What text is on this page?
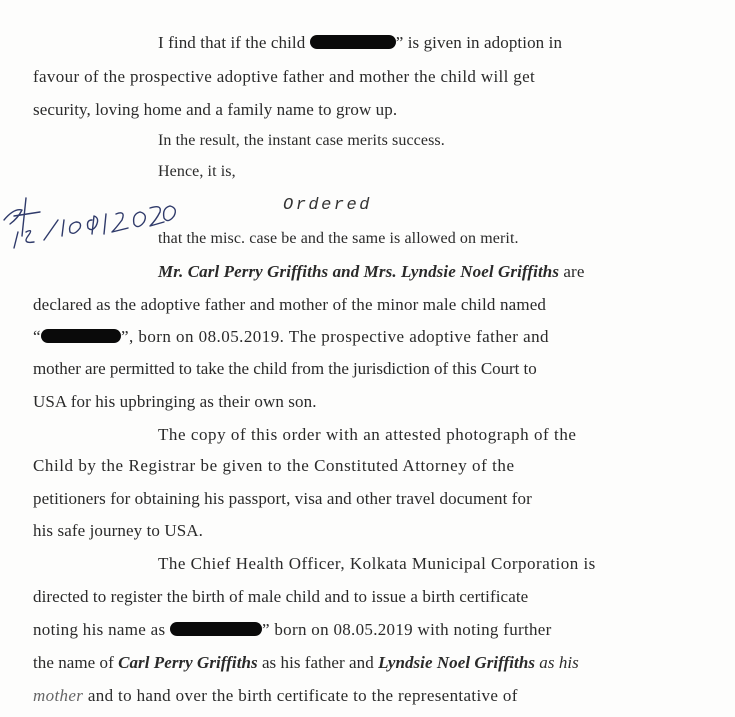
I find that if the child	” is given in adoption in
favour of the prospective adoptive father and mother the child will get
security, loving home and a family name to grow up.
In the result, the instant case merits success.
Hence, it is,
Ordered
that the misc. case be and the same is allowed on merit.
Mr. Carl Perry Griffiths and Mrs. Lyndsie Noel Griffiths are
declared as the adoptive father and mother of the minor male child named
“	”, born on 08.05.2019. The prospective adoptive father and
mother are permitted to take the child from the jurisdiction of this Court to
USA for his upbringing as their own son.
The copy of this order with an attested photograph of the
Child by the Registrar be given to the Constituted Attorney of the
petitioners for obtaining his passport, visa and other travel document for
his safe journey to USA.
The Chief Health Officer, Kolkata Municipal Corporation is
directed to register the birth of male child and to issue a birth certificate
noting his name as	” born on 08.05.2019 with noting further
the name of Carl Perry Griffiths as his father and Lyndsie Noel Griffiths as his
mother and to hand over the birth certificate to the representative of
